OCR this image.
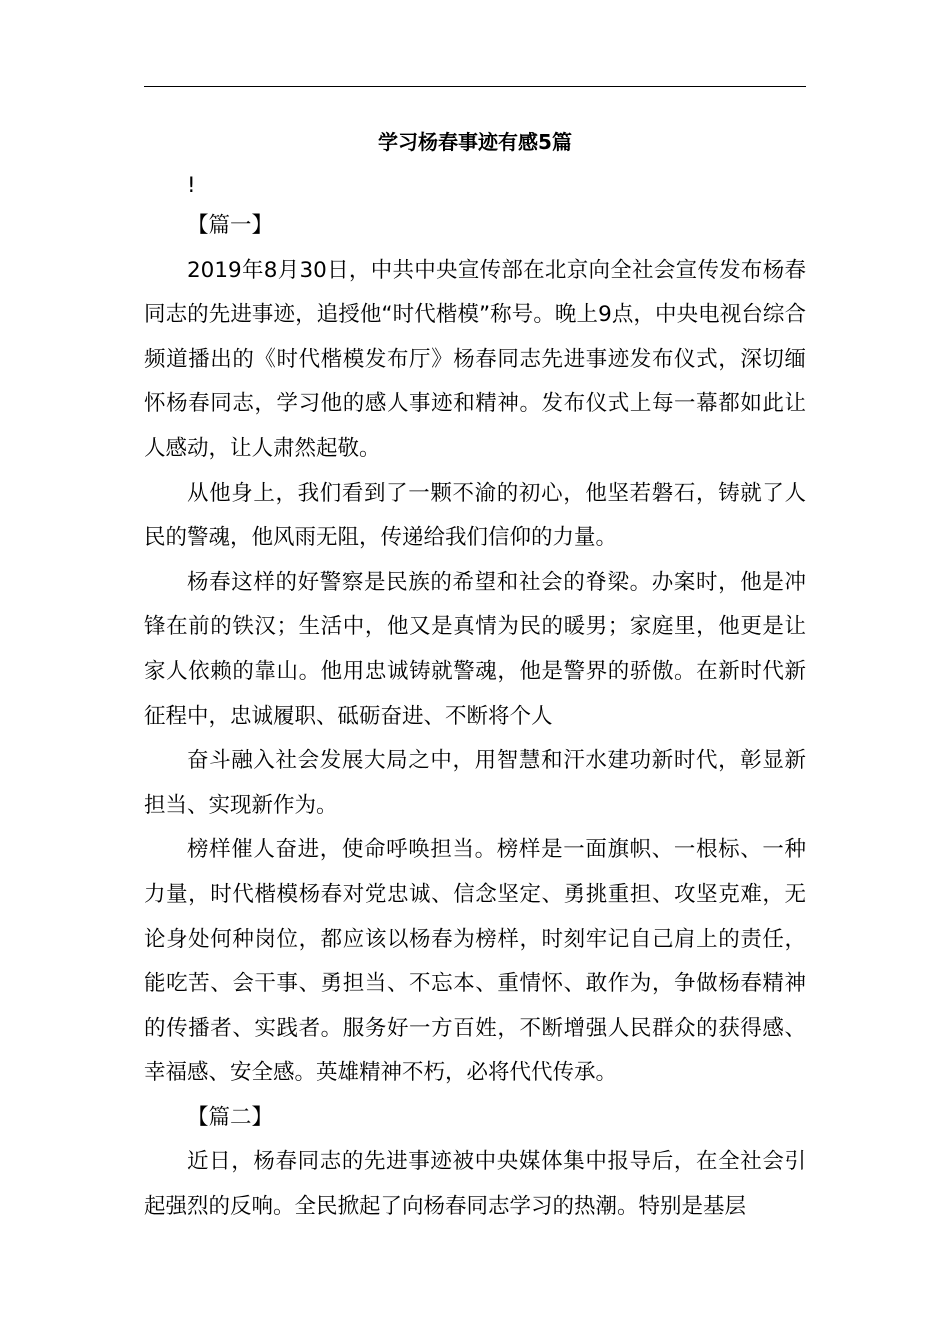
学习杨春事迹有感5篇

!

【篇一】

2019年8月30日，中共中央宣传部在北京向全社会宣传发布杨春同志的先进事迹，追授他“时代楷模”称号。晚上9点，中央电视台综合频道播出的《时代楷模发布厅》杨春同志先进事迹发布仪式，深切缅怀杨春同志，学习他的感人事迹和精神。发布仪式上每一幕都如此让人感动，让人肃然起敬。

从他身上，我们看到了一颗不渝的初心，他坚若磐石，铸就了人民的警魂，他风雨无阻，传递给我们信仰的力量。

杨春这样的好警察是民族的希望和社会的脊梁。办案时，他是冲锋在前的铁汉；生活中，他又是真情为民的暖男；家庭里，他更是让家人依赖的靠山。他用忠诚铸就警魂，他是警界的骄傲。在新时代新征程中，忠诚履职、砥砺奋进、不断将个人

奋斗融入社会发展大局之中，用智慧和汗水建功新时代，彰显新担当、实现新作为。

榜样催人奋进，使命呼唤担当。榜样是一面旗帜、一根标、一种力量，时代楷模杨春对党忠诚、信念坚定、勇挑重担、攻坚克难，无论身处何种岗位，都应该以杨春为榜样，时刻牢记自己肩上的责任，能吃苦、会干事、勇担当、不忘本、重情怀、敢作为，争做杨春精神的传播者、实践者。服务好一方百姓，不断增强人民群众的获得感、幸福感、安全感。英雄精神不朽，必将代代传承。

【篇二】

近日，杨春同志的先进事迹被中央媒体集中报导后，在全社会引起强烈的反响。全民掀起了向杨春同志学习的热潮。特别是基层
